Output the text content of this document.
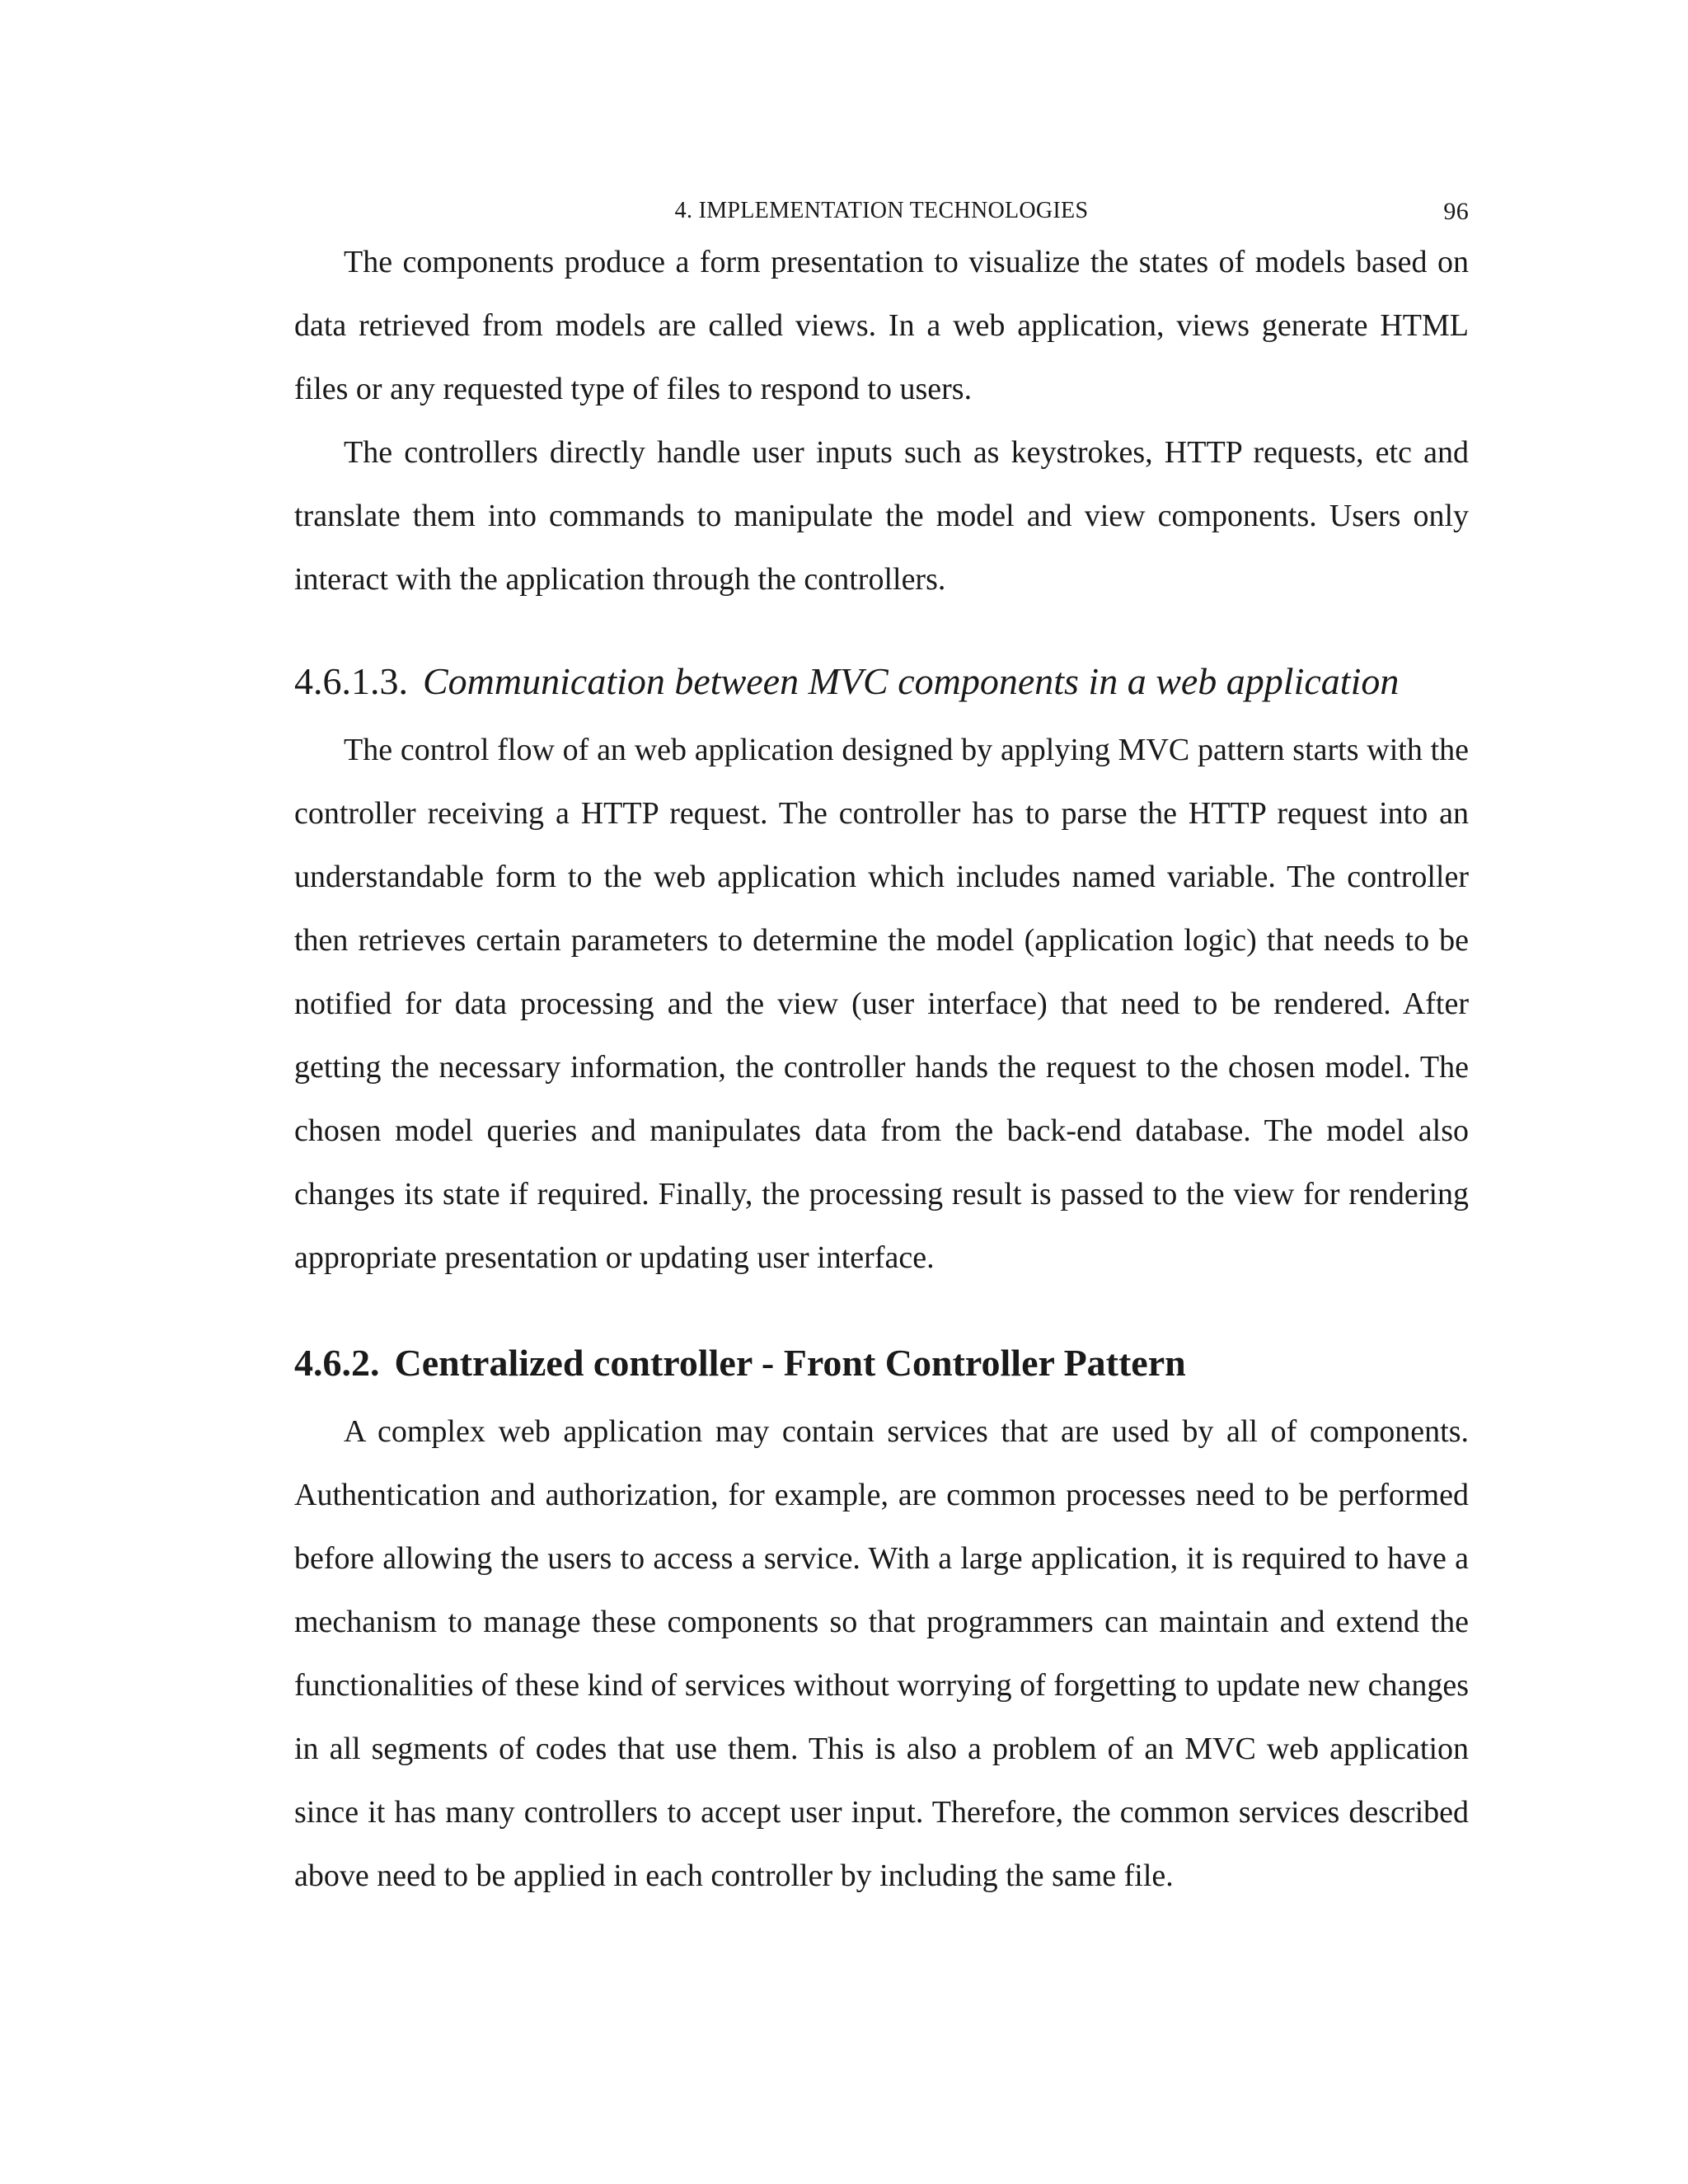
4. IMPLEMENTATION TECHNOLOGIES	96

The components produce a form presentation to visualize the states of models based on data retrieved from models are called views. In a web application, views generate HTML files or any requested type of files to respond to users.

The controllers directly handle user inputs such as keystrokes, HTTP requests, etc and translate them into commands to manipulate the model and view components. Users only interact with the application through the controllers.

4.6.1.3. Communication between MVC components in a web application

The control flow of an web application designed by applying MVC pattern starts with the controller receiving a HTTP request. The controller has to parse the HTTP request into an understandable form to the web application which includes named variable. The controller then retrieves certain parameters to determine the model (application logic) that needs to be notified for data processing and the view (user interface) that need to be rendered. After getting the necessary information, the controller hands the request to the chosen model. The chosen model queries and manipulates data from the back-end database. The model also changes its state if required. Finally, the processing result is passed to the view for rendering appropriate presentation or updating user interface.

4.6.2. Centralized controller - Front Controller Pattern

A complex web application may contain services that are used by all of components. Authentication and authorization, for example, are common processes need to be performed before allowing the users to access a service. With a large application, it is required to have a mechanism to manage these components so that programmers can maintain and extend the functionalities of these kind of services without worrying of forgetting to update new changes in all segments of codes that use them. This is also a problem of an MVC web application since it has many controllers to accept user input. Therefore, the common services described above need to be applied in each controller by including the same file.
